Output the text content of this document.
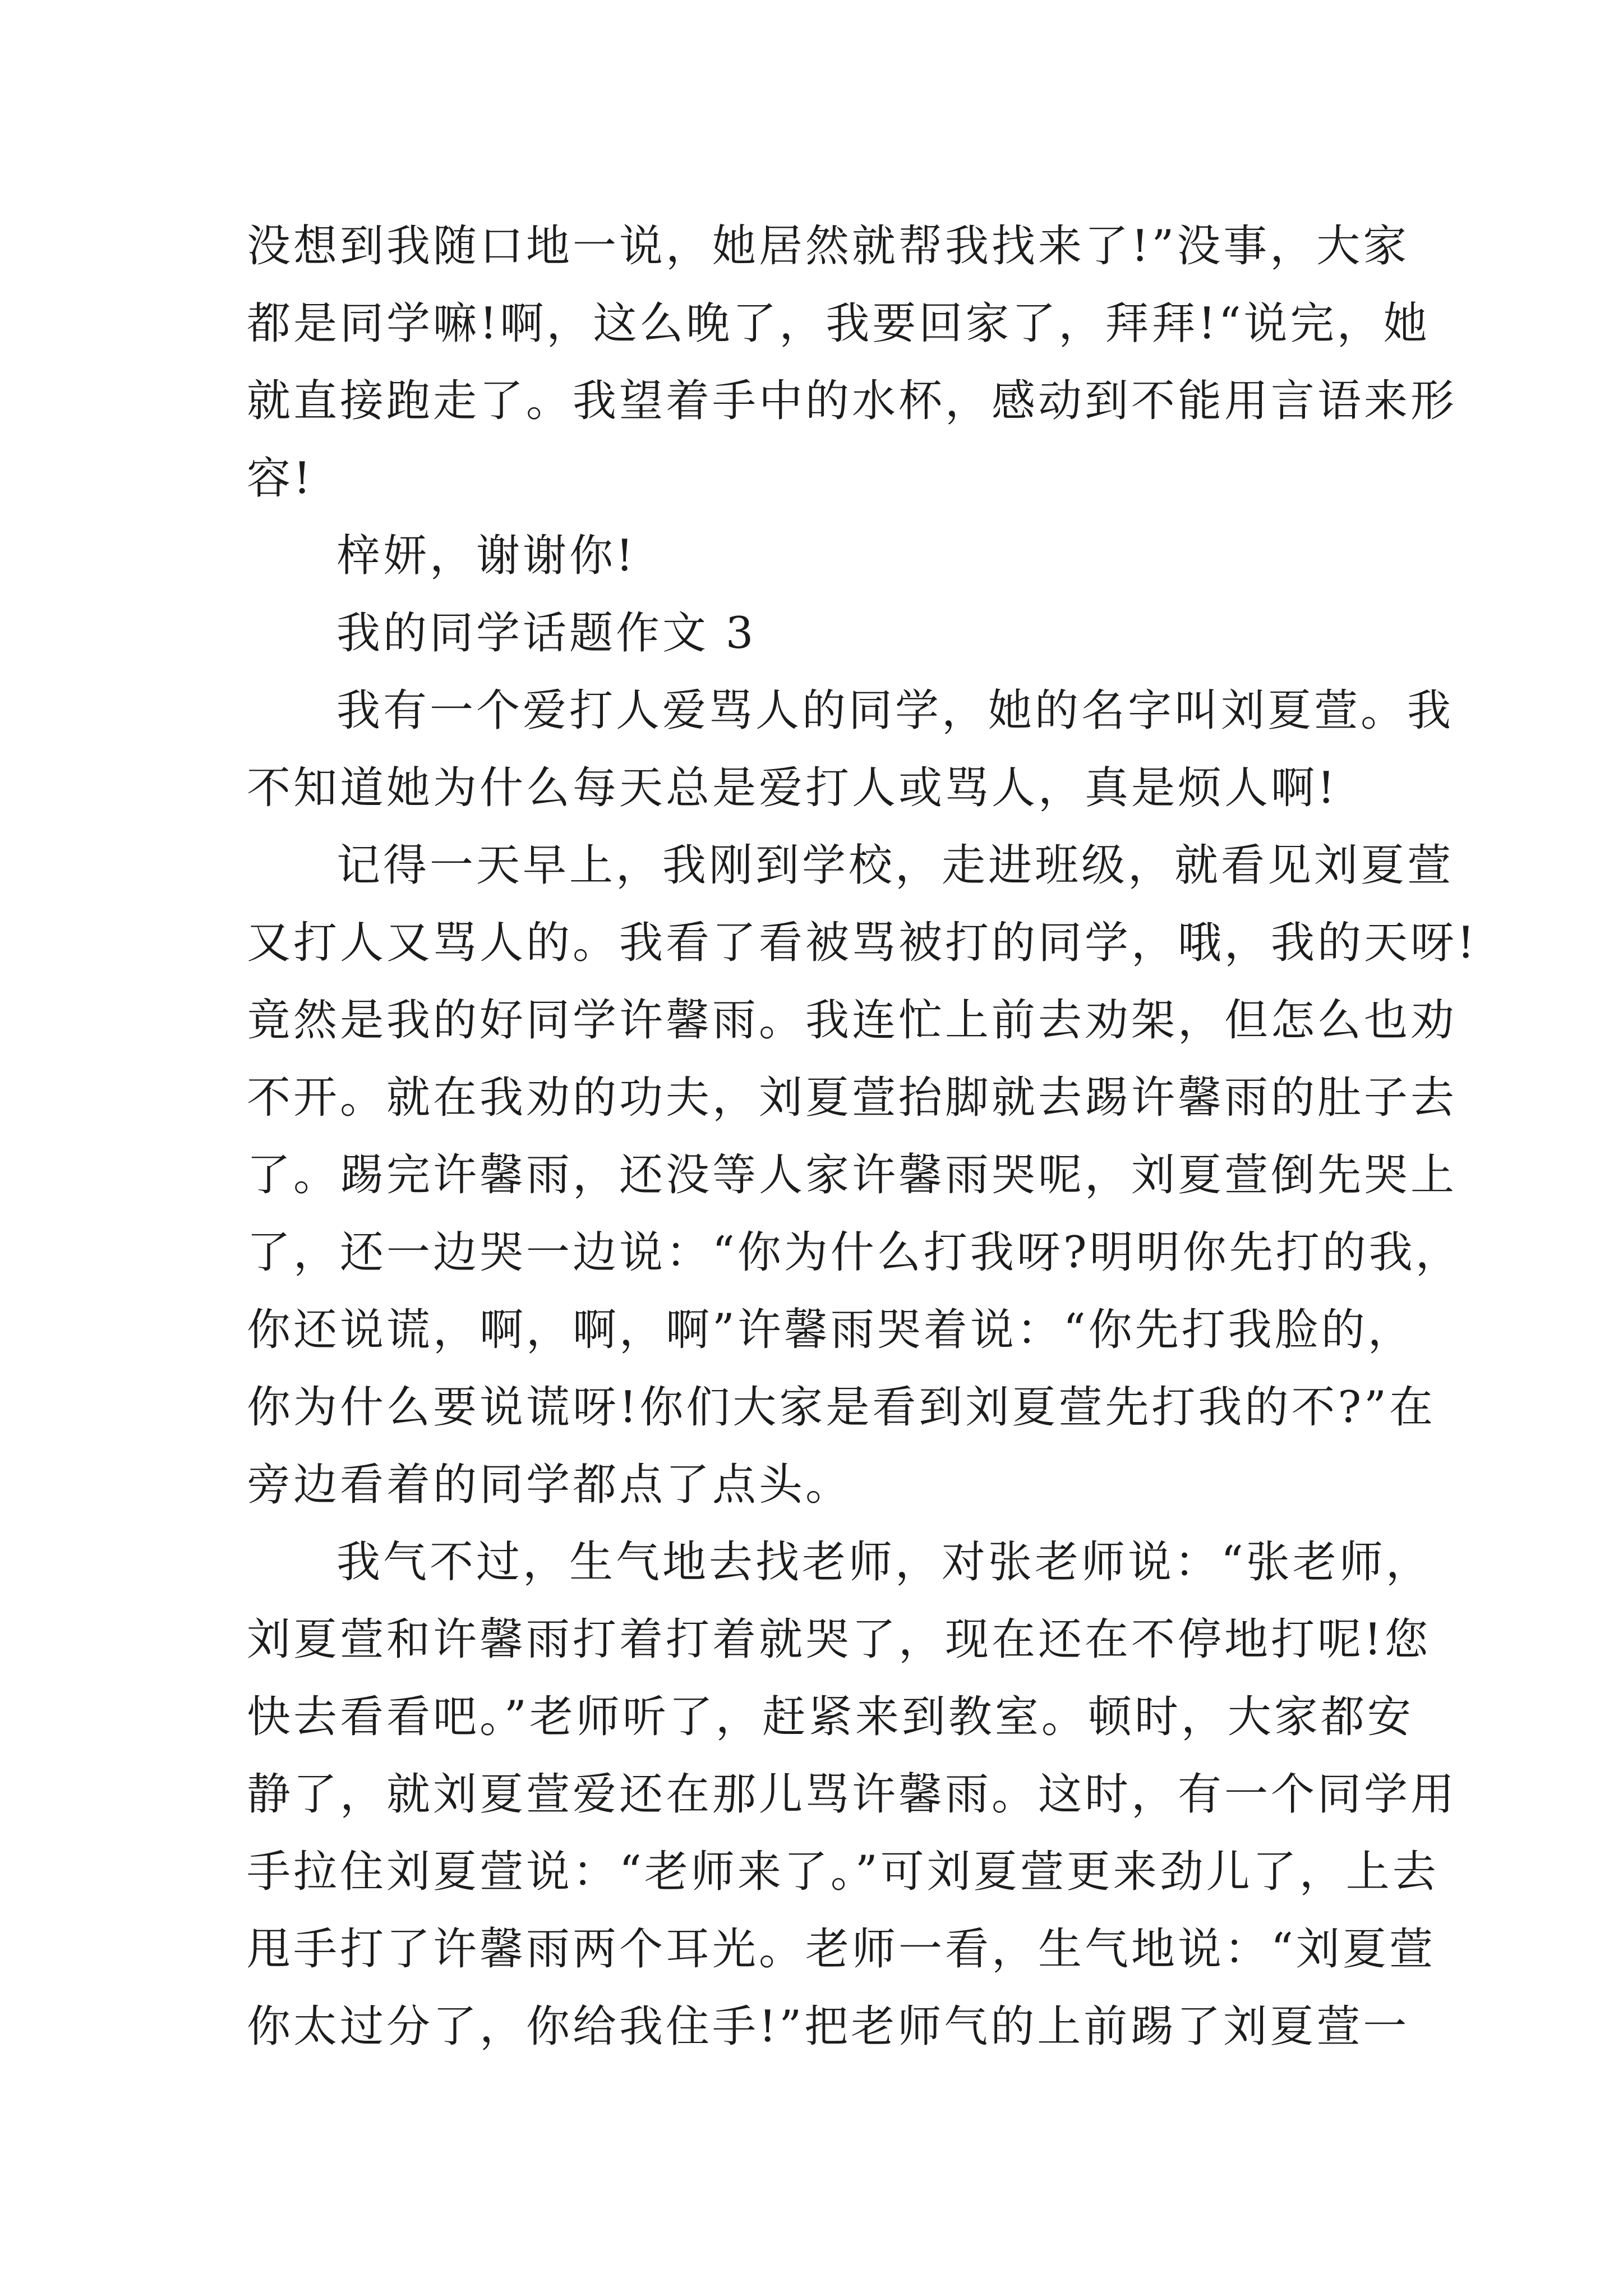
没想到我随口地一说，她居然就帮我找来了!”没事，大家
都是同学嘛!啊，这么晚了，我要回家了，拜拜!“说完，她
就直接跑走了。我望着手中的水杯，感动到不能用言语来形
容!
梓妍，谢谢你!
我的同学话题作文 3
我有一个爱打人爱骂人的同学，她的名字叫刘夏萱。我
不知道她为什么每天总是爱打人或骂人，真是烦人啊!
记得一天早上，我刚到学校，走进班级，就看见刘夏萱
又打人又骂人的。我看了看被骂被打的同学，哦，我的天呀!
竟然是我的好同学许馨雨。我连忙上前去劝架，但怎么也劝
不开。就在我劝的功夫，刘夏萱抬脚就去踢许馨雨的肚子去
了。踢完许馨雨，还没等人家许馨雨哭呢，刘夏萱倒先哭上
了，还一边哭一边说：“你为什么打我呀?明明你先打的我，
你还说谎，啊，啊，啊”许馨雨哭着说：“你先打我脸的，
你为什么要说谎呀!你们大家是看到刘夏萱先打我的不?”在
旁边看着的同学都点了点头。
我气不过，生气地去找老师，对张老师说：“张老师，
刘夏萱和许馨雨打着打着就哭了，现在还在不停地打呢!您
快去看看吧。”老师听了，赶紧来到教室。顿时，大家都安
静了，就刘夏萱爱还在那儿骂许馨雨。这时，有一个同学用
手拉住刘夏萱说：“老师来了。”可刘夏萱更来劲儿了，上去
甩手打了许馨雨两个耳光。老师一看，生气地说：“刘夏萱
你太过分了，你给我住手!”把老师气的上前踢了刘夏萱一
